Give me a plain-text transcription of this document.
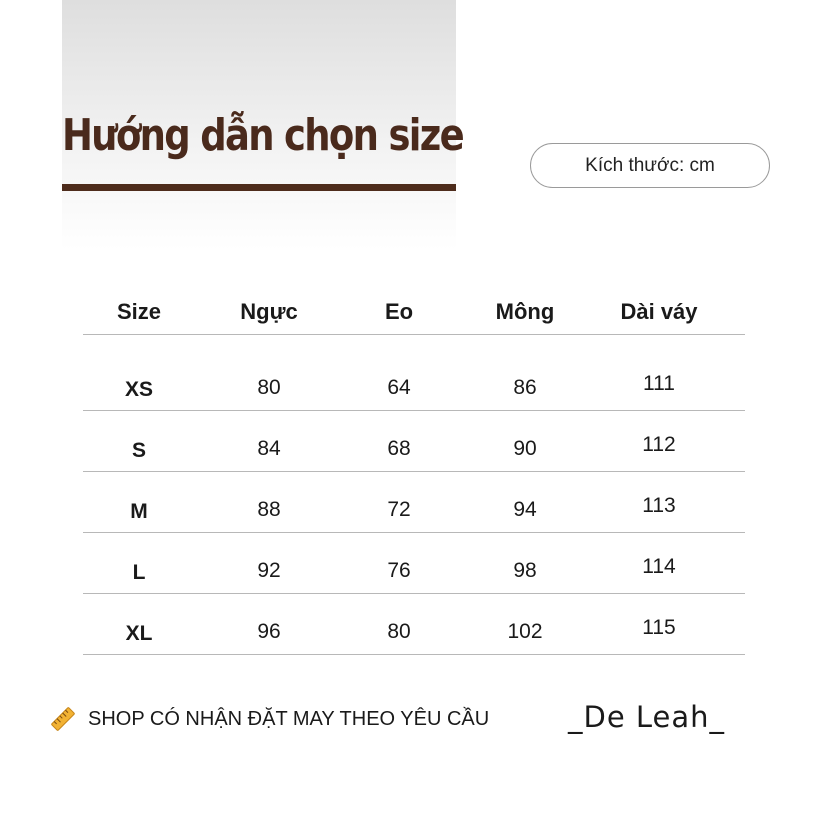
Hướng dẫn chọn size
Kích thước: cm
Size	Ngực	Eo	Mông	Dài váy
XS	80	64	86	111
S	84	68	90	112
M	88	72	94	113
L	92	76	98	114
XL	96	80	102	115
SHOP CÓ NHẬN ĐẶT MAY THEO YÊU CẦU	_De Leah_
